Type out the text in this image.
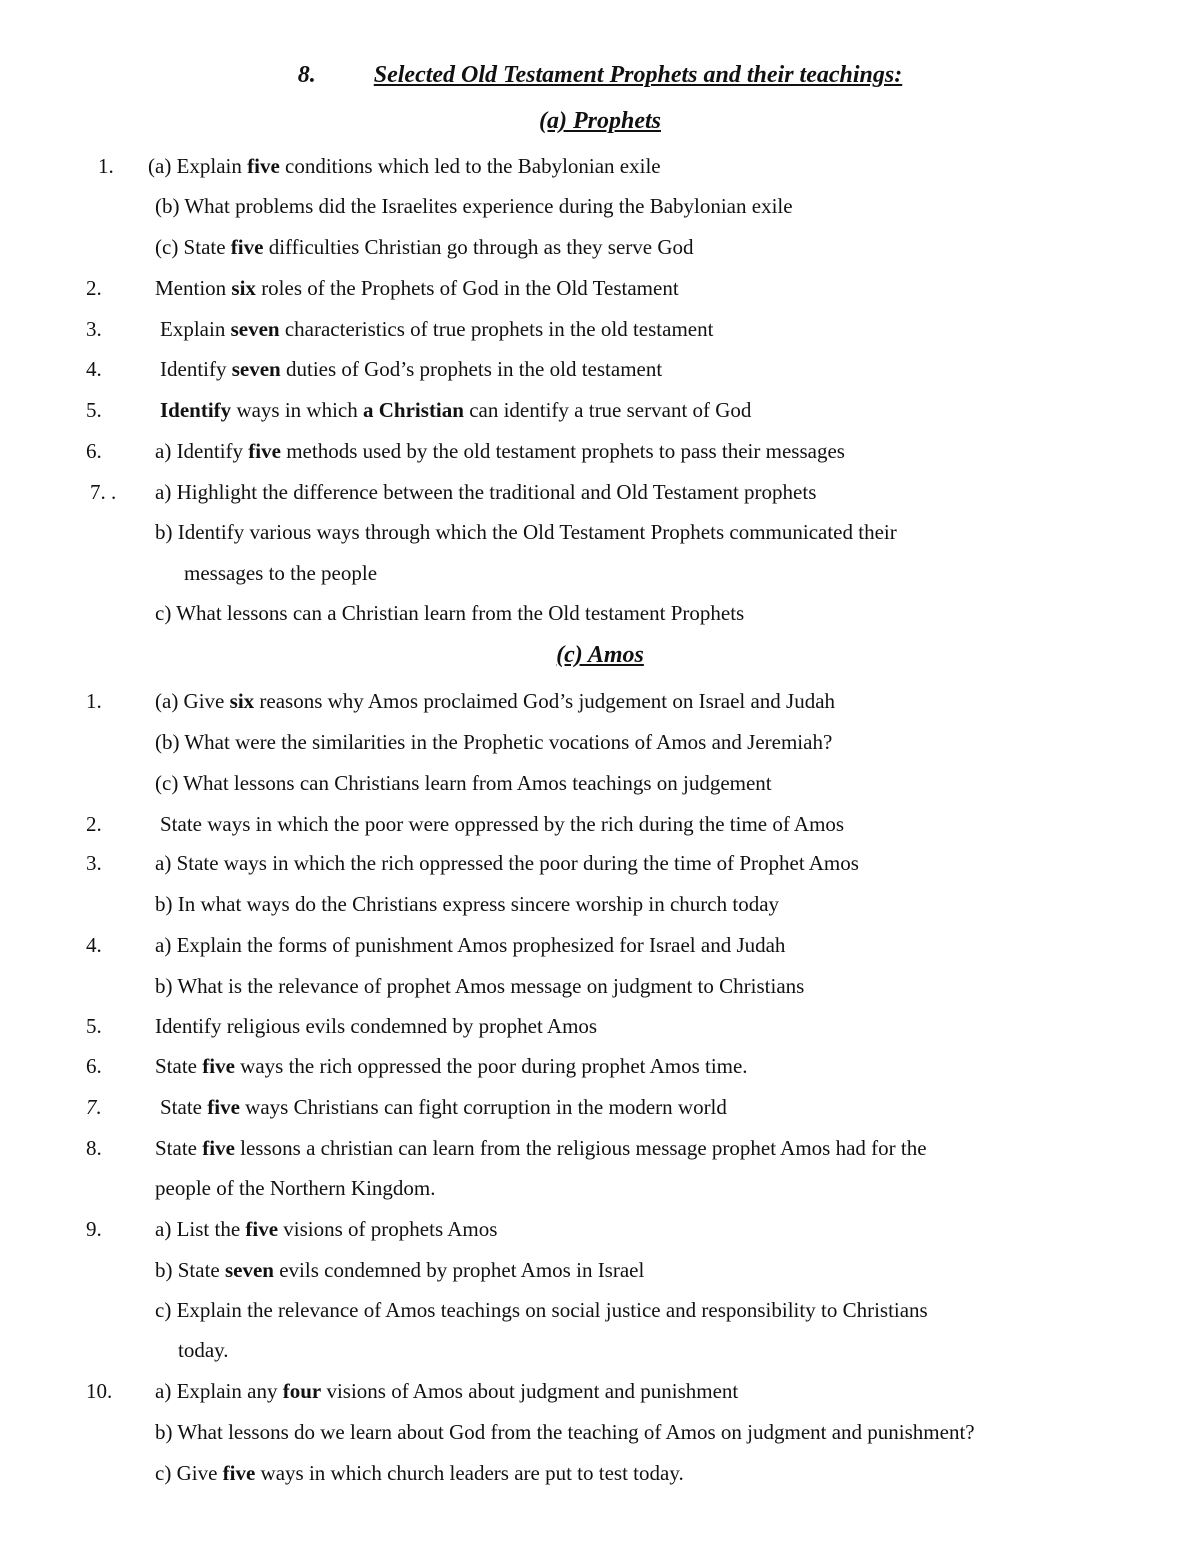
8. Selected Old Testament Prophets and their teachings:
(a) Prophets
1. (a) Explain five conditions which led to the Babylonian exile

(b) What problems did the Israelites experience during the Babylonian exile

(c) State five difficulties Christian go through as they serve God

2.	Mention six roles of the Prophets of God in the Old Testament

3.	Explain seven characteristics of true prophets in the old testament

4.	Identify seven duties of God’s prophets in the old testament

5.	Identify ways in which a Christian can identify a true servant of God

6.	a) Identify five methods used by the old testament prophets to pass their messages

7. . a) Highlight the difference between the traditional and Old Testament prophets

b) Identify various ways through which the Old Testament Prophets communicated their

messages to the people

c) What lessons can a Christian learn from the Old testament Prophets

(c) Amos
1.	(a) Give six reasons why Amos proclaimed God’s judgement on Israel and Judah

(b) What were the similarities in the Prophetic vocations of Amos and Jeremiah?

(c) What lessons can Christians learn from Amos teachings on judgement

2.	State ways in which the poor were oppressed by the rich during the time of Amos

3.	a) State ways in which the rich oppressed the poor during the time of Prophet Amos

b) In what ways do the Christians express sincere worship in church today

4.	a) Explain the forms of punishment Amos prophesized for Israel and Judah

b) What is the relevance of prophet Amos message on judgment to Christians

5.	Identify religious evils condemned by prophet Amos

6.	State five ways the rich oppressed the poor during prophet Amos time.

7.	State five ways Christians can fight corruption in the modern world

8.	State five lessons a christian can learn from the religious message prophet Amos had for the

people of the Northern Kingdom.

9.	a) List the five visions of prophets Amos

b) State seven evils condemned by prophet Amos in Israel

c) Explain the relevance of Amos teachings on social justice and responsibility to Christians

today.

10. a) Explain any four visions of Amos about judgment and punishment

b) What lessons do we learn about God from the teaching of Amos on judgment and punishment?

c) Give five ways in which church leaders are put to test today.
